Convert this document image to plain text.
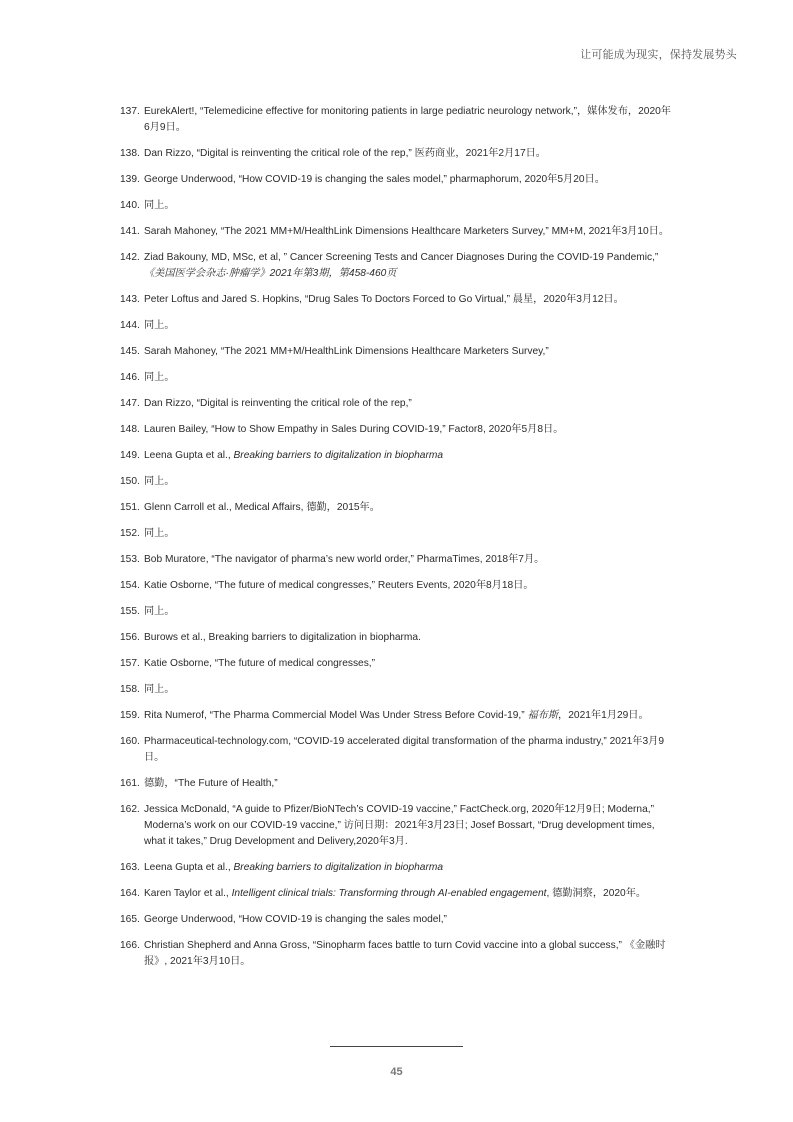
让可能成为现实，保持发展势头
137. EurekAlert!, “Telemedicine effective for monitoring patients in large pediatric neurology network,”，媒体发布，2020年6月9日。
138. Dan Rizzo, “Digital is reinventing the critical role of the rep,” 医药商业，2021年2月17日。
139. George Underwood, “How COVID-19 is changing the sales model,” pharmaphorum, 2020年5月20日。
140. 同上。
141. Sarah Mahoney, “The 2021 MM+M/HealthLink Dimensions Healthcare Marketers Survey,” MM+M, 2021年3月10日。
142. Ziad Bakouny, MD, MSc, et al, ” Cancer Screening Tests and Cancer Diagnoses During the COVID-19 Pandemic,” 《美国医学会杂志·肿瘤学》2021年第3期，第458-460页
143. Peter Loftus and Jared S. Hopkins, “Drug Sales To Doctors Forced to Go Virtual,” 晨星，2020年3月12日。
144. 同上。
145. Sarah Mahoney, “The 2021 MM+M/HealthLink Dimensions Healthcare Marketers Survey,”
146. 同上。
147. Dan Rizzo, “Digital is reinventing the critical role of the rep,”
148. Lauren Bailey, “How to Show Empathy in Sales During COVID-19,” Factor8, 2020年5月8日。
149. Leena Gupta et al., Breaking barriers to digitalization in biopharma
150. 同上。
151. Glenn Carroll et al., Medical Affairs, 德勤，2015年。
152. 同上。
153. Bob Muratore, “The navigator of pharma’s new world order,” PharmaTimes, 2018年7月。
154. Katie Osborne, “The future of medical congresses,” Reuters Events, 2020年8月18日。
155. 同上。
156. Burows et al., Breaking barriers to digitalization in biopharma.
157. Katie Osborne, “The future of medical congresses,”
158. 同上。
159. Rita Numerof, “The Pharma Commercial Model Was Under Stress Before Covid-19,” 福布斯，2021年1月29日。
160. Pharmaceutical-technology.com, “COVID-19 accelerated digital transformation of the pharma industry,” 2021年3月9日。
161. 德勤，“The Future of Health,”
162. Jessica McDonald, “A guide to Pfizer/BioNTech’s COVID-19 vaccine,” FactCheck.org, 2020年12月9日; Moderna,” Moderna’s work on our COVID-19 vaccine,” 访问日期：2021年3月23日; Josef Bossart, “Drug development times, what it takes,” Drug Development and Delivery,2020年3月.
163. Leena Gupta et al., Breaking barriers to digitalization in biopharma
164. Karen Taylor et al., Intelligent clinical trials: Transforming through AI-enabled engagement, 德勤洞察，2020年。
165. George Underwood, “How COVID-19 is changing the sales model,”
166. Christian Shepherd and Anna Gross, “Sinopharm faces battle to turn Covid vaccine into a global success,” 《金融时报》, 2021年3月10日。
45
